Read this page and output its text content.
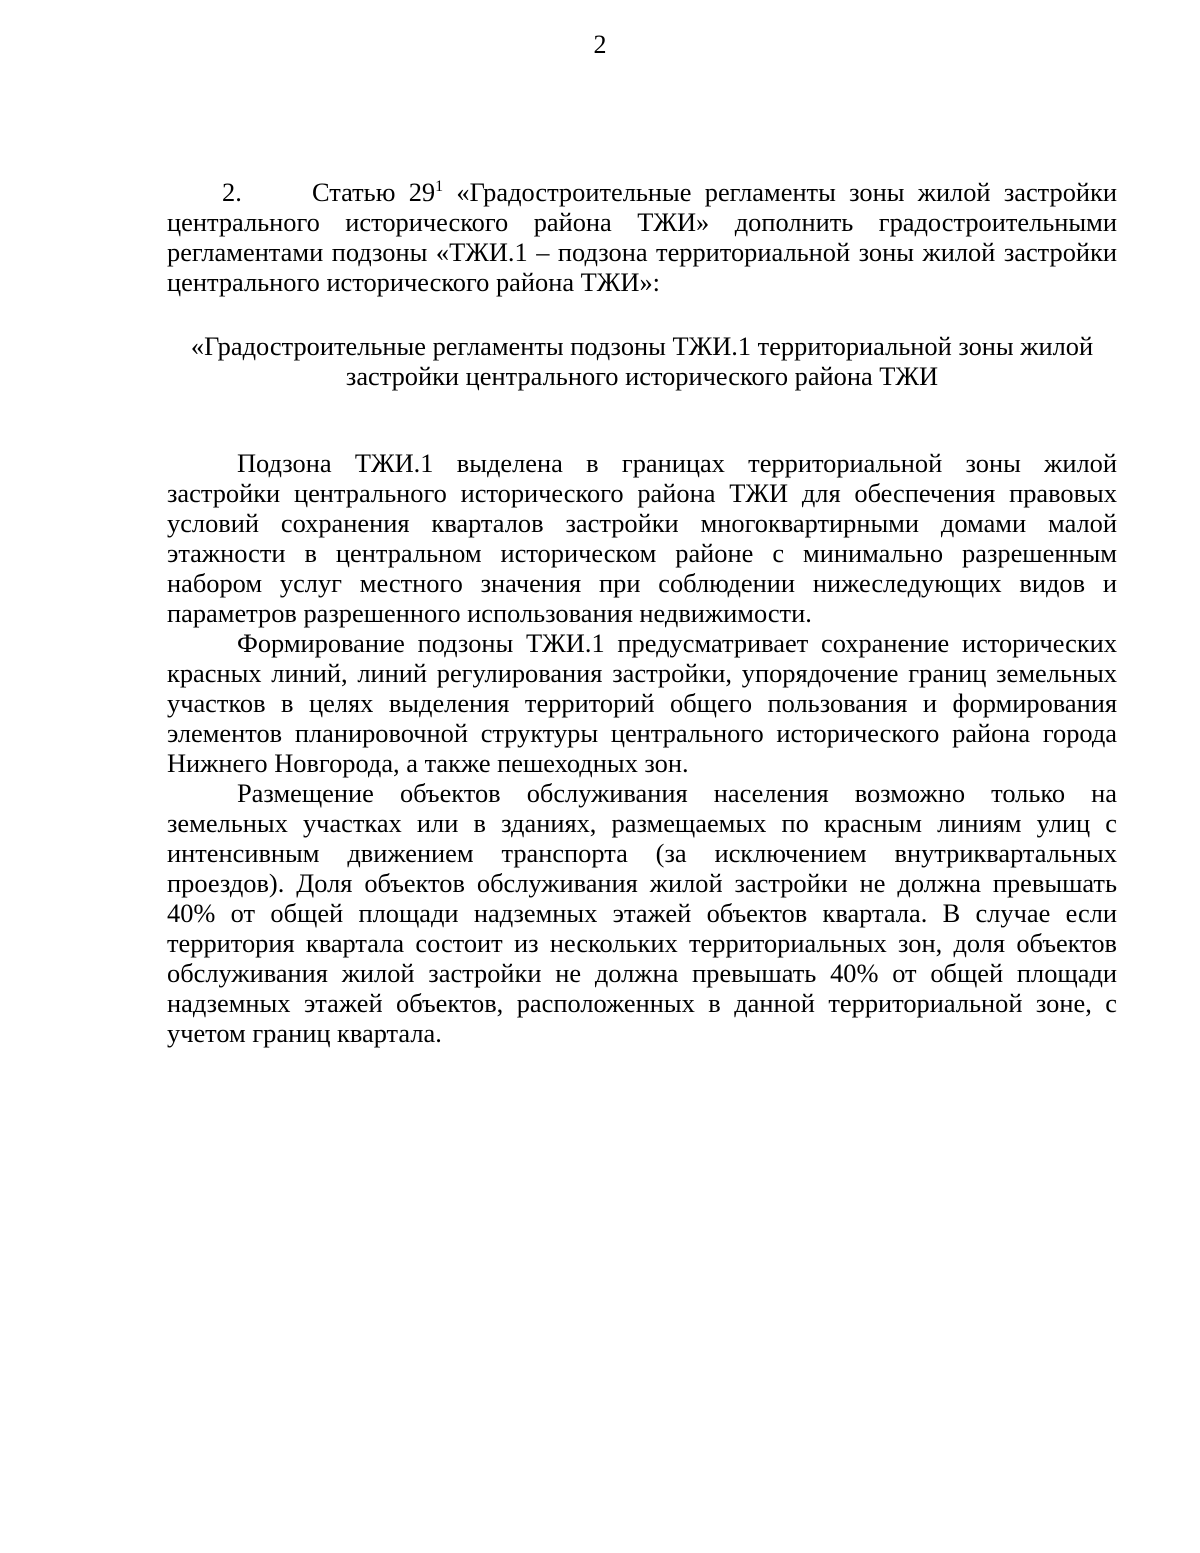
2

2.	Статью $29^1$ «Градостроительные регламенты зоны жилой застройки центрального исторического района ТЖИ» дополнить градостроительными регламентами подзоны «ТЖИ.1 – подзона территориальной зоны жилой застройки центрального исторического района ТЖИ»:

«Градостроительные регламенты подзоны ТЖИ.1 территориальной зоны жилой
застройки центрального исторического района ТЖИ

Подзона ТЖИ.1 выделена в границах территориальной зоны жилой застройки центрального исторического района ТЖИ для обеспечения правовых условий сохранения кварталов застройки многоквартирными домами малой этажности в центральном историческом районе с минимально разрешенным набором услуг местного значения при соблюдении нижеследующих видов и параметров разрешенного использования недвижимости.

Формирование подзоны ТЖИ.1 предусматривает сохранение исторических красных линий, линий регулирования застройки, упорядочение границ земельных участков в целях выделения территорий общего пользования и формирования элементов планировочной структуры центрального исторического района города Нижнего Новгорода, а также пешеходных зон.

Размещение объектов обслуживания населения возможно только на земельных участках или в зданиях, размещаемых по красным линиям улиц с интенсивным движением транспорта (за исключением внутриквартальных проездов). Доля объектов обслуживания жилой застройки не должна превышать 40% от общей площади надземных этажей объектов квартала. В случае если территория квартала состоит из нескольких территориальных зон, доля объектов обслуживания жилой застройки не должна превышать 40% от общей площади надземных этажей объектов, расположенных в данной территориальной зоне, с учетом границ квартала.
